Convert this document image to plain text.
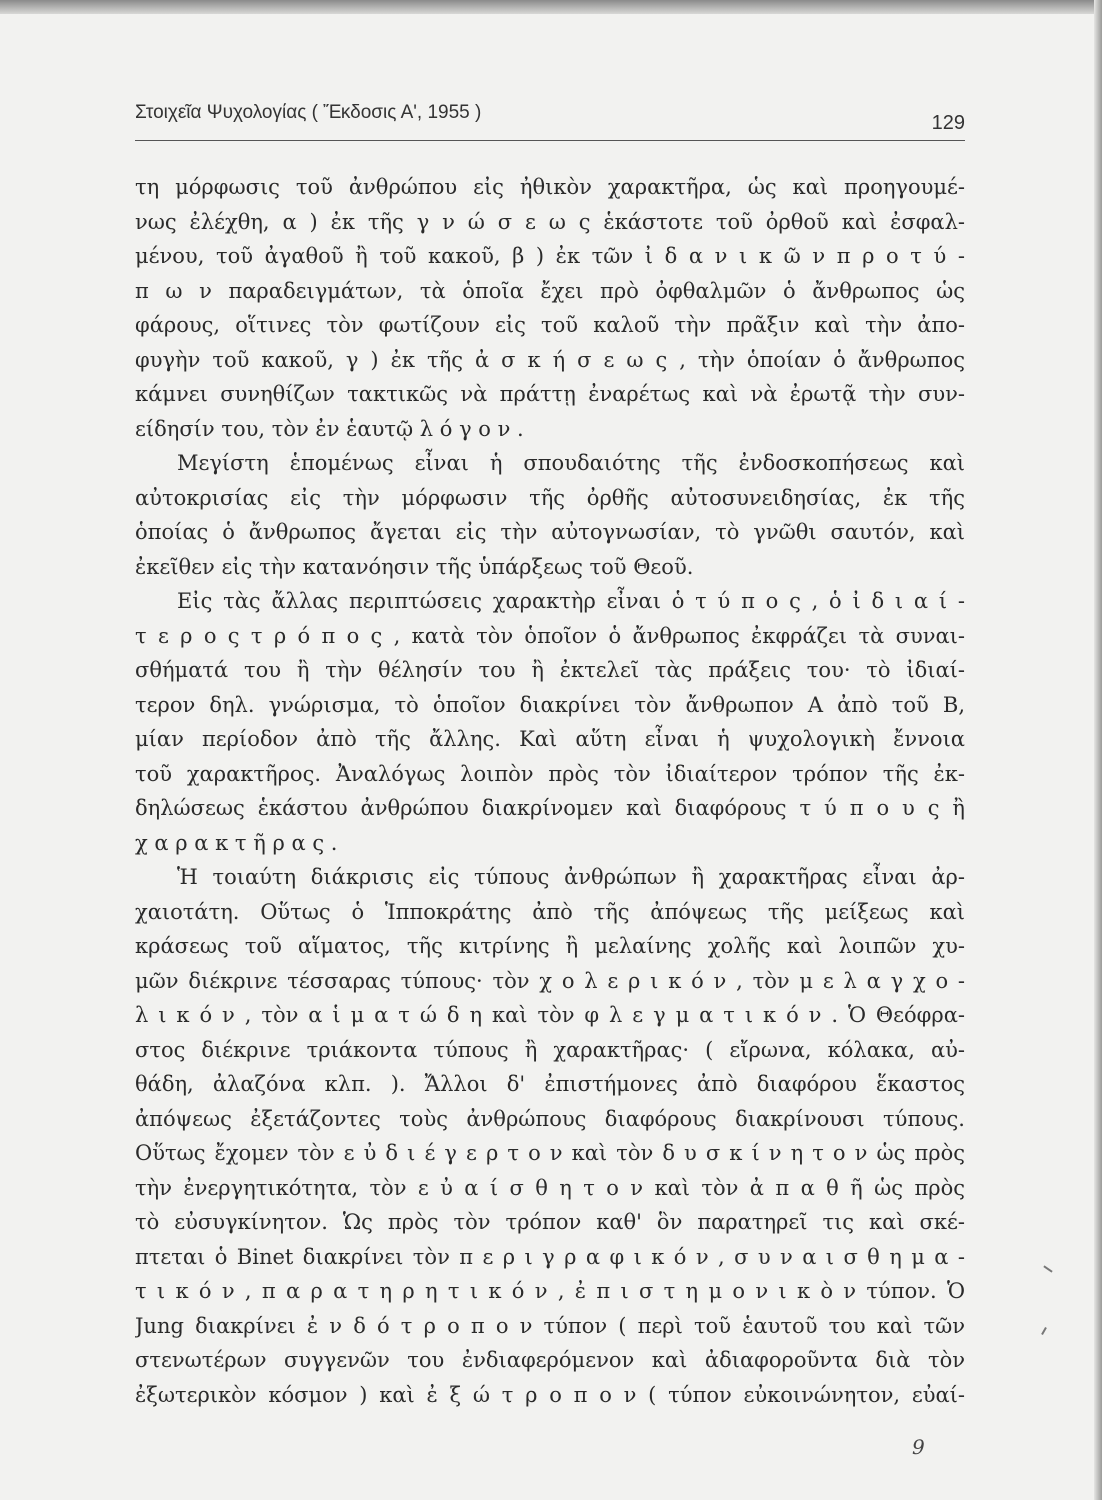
Στοιχεῖα Ψυχολογίας ( Ἔκδοσις Α', 1955 )	129
τη μόρφωσις τοῦ ἀνθρώπου εἰς ἠθικὸν χαρακτῆρα, ὡς καὶ προηγουμέ-
νως ἐλέχθη, α ) ἐκ τῆς γ ν ώ σ ε ω ς ἑκάστοτε τοῦ ὀρθοῦ καὶ ἐσφαλ-
μένου, τοῦ ἀγαθοῦ ἢ τοῦ κακοῦ, β ) ἐκ τῶν ἰ δ α ν ι κ ῶ ν π ρ ο τ ύ -
π ω ν παραδειγμάτων, τὰ ὁποῖα ἔχει πρὸ ὀφθαλμῶν ὁ ἄνθρωπος ὡς
φάρους, οἵτινες τὸν φωτίζουν εἰς τοῦ καλοῦ τὴν πρᾶξιν καὶ τὴν ἀπο-
φυγὴν τοῦ κακοῦ, γ ) ἐκ τῆς ἀ σ κ ή σ ε ω ς , τὴν ὁποίαν ὁ ἄνθρωπος
κάμνει συνηθίζων τακτικῶς νὰ πράττῃ ἐναρέτως καὶ νὰ ἐρωτᾷ τὴν συν-
είδησίν του, τὸν ἐν ἑαυτῷ λ ό γ ο ν .
Μεγίστη ἑπομένως εἶναι ἡ σπουδαιότης τῆς ἐνδοσκοπήσεως καὶ
αὐτοκρισίας εἰς τὴν μόρφωσιν τῆς ὀρθῆς αὐτοσυνειδησίας, ἐκ τῆς
ὁποίας ὁ ἄνθρωπος ἄγεται εἰς τὴν αὐτογνωσίαν, τὸ γνῶθι σαυτόν, καὶ
ἐκεῖθεν εἰς τὴν κατανόησιν τῆς ὑπάρξεως τοῦ Θεοῦ.
Εἰς τὰς ἄλλας περιπτώσεις χαρακτὴρ εἶναι ὁ τ ύ π ο ς , ὁ ἰ δ ι α ί -
τ ε ρ ο ς τ ρ ό π ο ς , κατὰ τὸν ὁποῖον ὁ ἄνθρωπος ἐκφράζει τὰ συναι-
σθήματά του ἢ τὴν θέλησίν του ἢ ἐκτελεῖ τὰς πράξεις του· τὸ ἰδιαί-
τερον δηλ. γνώρισμα, τὸ ὁποῖον διακρίνει τὸν ἄνθρωπον Α ἀπὸ τοῦ Β,
μίαν περίοδον ἀπὸ τῆς ἄλλης. Καὶ αὕτη εἶναι ἡ ψυχολογικὴ ἔννοια
τοῦ χαρακτῆρος. Ἀναλόγως λοιπὸν πρὸς τὸν ἰδιαίτερον τρόπον τῆς ἐκ-
δηλώσεως ἑκάστου ἀνθρώπου διακρίνομεν καὶ διαφόρους τ ύ π ο υ ς ἢ
χ α ρ α κ τ ῆ ρ α ς .
Ἡ τοιαύτη διάκρισις εἰς τύπους ἀνθρώπων ἢ χαρακτῆρας εἶναι ἀρ-
χαιοτάτη. Οὕτως ὁ Ἱπποκράτης ἀπὸ τῆς ἀπόψεως τῆς μείξεως καὶ
κράσεως τοῦ αἵματος, τῆς κιτρίνης ἢ μελαίνης χολῆς καὶ λοιπῶν χυ-
μῶν διέκρινε τέσσαρας τύπους· τὸν χ ο λ ε ρ ι κ ό ν , τὸν μ ε λ α γ χ ο -
λ ι κ ό ν , τὸν α ἱ μ α τ ώ δ η καὶ τὸν φ λ ε γ μ α τ ι κ ό ν . Ὁ Θεόφρα-
στος διέκρινε τριάκοντα τύπους ἢ χαρακτῆρας· ( εἴρωνα, κόλακα, αὐ-
θάδη, ἀλαζόνα κλπ. ). Ἄλλοι δ' ἐπιστήμονες ἀπὸ διαφόρου ἕκαστος
ἀπόψεως ἐξετάζοντες τοὺς ἀνθρώπους διαφόρους διακρίνουσι τύπους.
Οὕτως ἔχομεν τὸν ε ὐ δ ι έ γ ε ρ τ ο ν καὶ τὸν δ υ σ κ ί ν η τ ο ν ὡς πρὸς
τὴν ἐνεργητικότητα, τὸν ε ὐ α ί σ θ η τ ο ν καὶ τὸν ἀ π α θ ῆ ὡς πρὸς
τὸ εὐσυγκίνητον. Ὡς πρὸς τὸν τρόπον καθ' ὃν παρατηρεῖ τις καὶ σκέ-
πτεται ὁ Binet διακρίνει τὸν π ε ρ ι γ ρ α φ ι κ ό ν , σ υ ν α ι σ θ η μ α -
τ ι κ ό ν , π α ρ α τ η ρ η τ ι κ ό ν , ἐ π ι σ τ η μ ο ν ι κ ὸ ν τύπον. Ὁ
Jung διακρίνει ἐ ν δ ό τ ρ ο π ο ν τύπον ( περὶ τοῦ ἑαυτοῦ του καὶ τῶν
στενωτέρων συγγενῶν του ἐνδιαφερόμενον καὶ ἀδιαφοροῦντα διὰ τὸν
ἐξωτερικὸν κόσμον ) καὶ ἐ ξ ώ τ ρ ο π ο ν ( τύπον εὐκοινώνητον, εὐαί-
9
